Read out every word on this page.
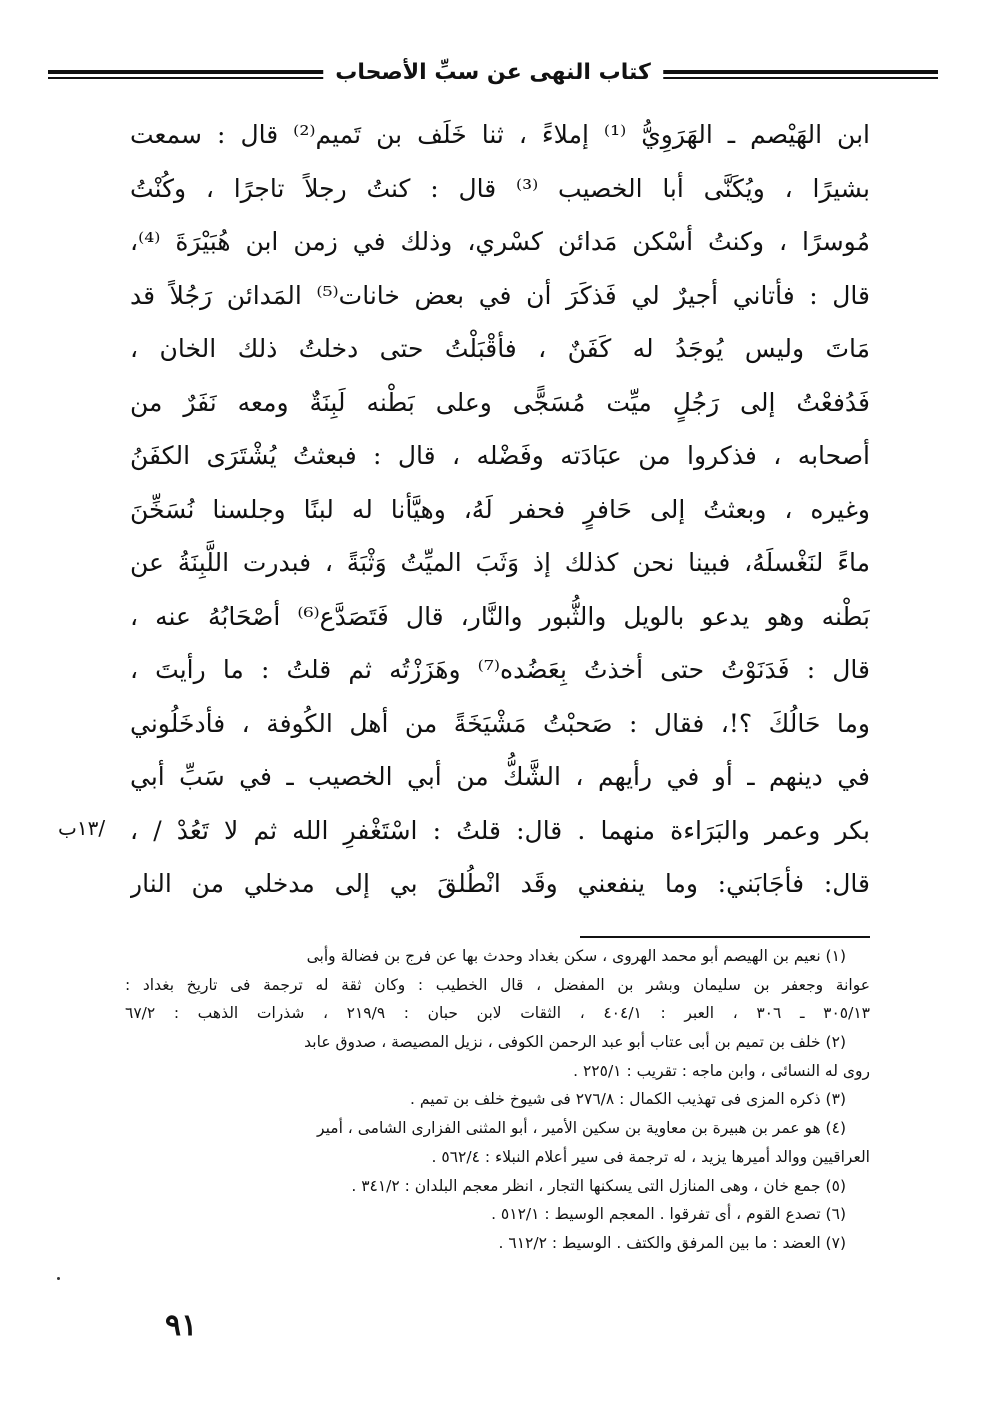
كتاب النهى عن سبِّ الأصحاب
ابن الهَيْصم ـ الهَرَوِيُّ ⁽¹⁾ إملاءً ، ثنا خَلَف بن تَميم⁽²⁾ قال : سمعت
بشيرًا ، ويُكَنَّى أبا الخصيب ⁽³⁾ قال : كنتُ رجلاً تاجرًا ، وكُنْتُ
مُوسرًا ، وكنتُ أسْكن مَدائن كسْري، وذلك في زمن ابن هُبَيْرَةَ ⁽⁴⁾،
قال : فأتاني أجيرٌ لي فَذكَرَ أن في بعض خانات⁽⁵⁾ المَدائن رَجُلاً قد
مَاتَ وليس يُوجَدُ له كَفَنٌ ، فأقْبَلْتُ حتى دخلتُ ذلك الخان ،
فَدُفعْتُ إلى رَجُلٍ ميِّت مُسَجًّى وعلى بَطْنه لَبِنَةٌ ومعه نَفَرٌ من
أصحابه ، فذكروا من عبَادَته وفَضْله ، قال : فبعثتُ يُشْتَرَى الكفَنُ
وغيره ، وبعثتُ إلى حَافرٍ فحفر لَهُ، وهيَّأنا له لبنًا وجلسنا نُسَخِّنَ
ماءً لنَغْسلَهُ، فبينا نحن كذلك إذ وَثَبَ الميِّتُ وَثْبَةً ، فبدرت اللَّبِنَةُ عن
بَطْنه وهو يدعو بالويل والثُّبور والنَّار، قال فَتَصَدَّع⁽⁶⁾ أصْحَابُهُ عنه ،
قال : فَدَنَوْتُ حتى أخذتُ بِعَضُده⁽⁷⁾ وهَزَزْتُه ثم قلتُ : ما رأيتَ ،
وما حَالُكَ ؟!، فقال : صَحبْتُ مَشْيَخَةً من أهل الكُوفة ، فأدخَلُوني
في دينهم ـ أو في رأيهم ، الشَّكُّ من أبي الخصيب ـ في سَبِّ أبي
بكر وعمر والبَرَاءة منهما . قال: قلتُ : اسْتَغْفرِ الله ثم لا تَعُدْ / ،
قال: فأجَابَني: وما ينفعني وقَد انْطُلقَ بي إلى مدخلي من النار
/١٣ب
(١) نعيم بن الهيصم أبو محمد الهروى ، سكن بغداد وحدث بها عن فرج بن فضالة وأبى
عوانة وجعفر بن سليمان وبشر بن المفضل ، قال الخطيب : وكان ثقة له ترجمة فى تاريخ بغداد :
٣٠٥/١٣ ـ ٣٠٦ ، العبر : ٤٠٤/١ ، الثقات لابن حبان : ٢١٩/٩ ، شذرات الذهب : ٦٧/٢
(٢) خلف بن تميم بن أبى عتاب أبو عبد الرحمن الكوفى ، نزيل المصيصة ، صدوق عابد
روى له النسائى ، وابن ماجه : تقريب : ٢٢٥/١ .
(٣) ذكره المزى فى تهذيب الكمال : ٢٧٦/٨ فى شيوخ خلف بن تميم .
(٤) هو عمر بن هبيرة بن معاوية بن سكين الأمير ، أبو المثنى الفزارى الشامى ، أمير
العراقيين ووالد أميرها يزيد ، له ترجمة فى سير أعلام النبلاء : ٥٦٢/٤ .
(٥) جمع خان ، وهى المنازل التى يسكنها التجار ، انظر معجم البلدان : ٣٤١/٢ .
(٦) تصدع القوم ، أى تفرقوا . المعجم الوسيط : ٥١٢/١ .
(٧) العضد : ما بين المرفق والكتف . الوسيط : ٦١٢/٢ .
٩١
